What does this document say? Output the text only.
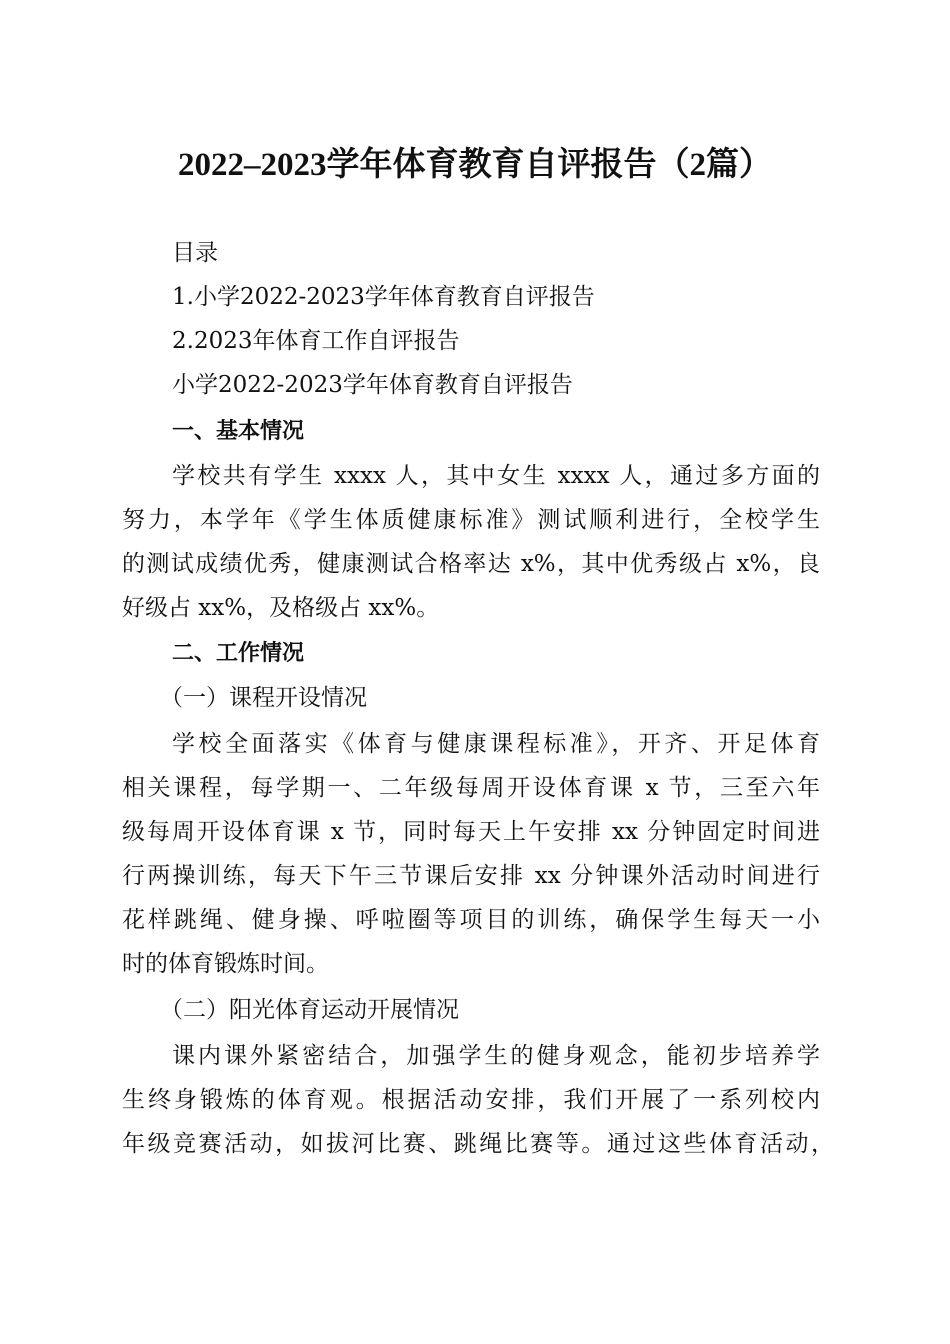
2022–2023学年体育教育自评报告（2篇）
目录
1.小学2022-2023学年体育教育自评报告
2.2023年体育工作自评报告
小学2022-2023学年体育教育自评报告
一、基本情况
学校共有学生 xxxx 人，其中女生 xxxx 人，通过多方面的
努力，本学年《学生体质健康标准》测试顺利进行，全校学生
的测试成绩优秀，健康测试合格率达 x%，其中优秀级占 x%，良
好级占 xx%，及格级占 xx%。
二、工作情况
（一）课程开设情况
学校全面落实《体育与健康课程标准》，开齐、开足体育
相关课程，每学期一、二年级每周开设体育课 x 节，三至六年
级每周开设体育课 x 节，同时每天上午安排 xx 分钟固定时间进
行两操训练，每天下午三节课后安排 xx 分钟课外活动时间进行
花样跳绳、健身操、呼啦圈等项目的训练，确保学生每天一小
时的体育锻炼时间。
（二）阳光体育运动开展情况
课内课外紧密结合，加强学生的健身观念，能初步培养学
生终身锻炼的体育观。根据活动安排，我们开展了一系列校内
年级竞赛活动，如拔河比赛、跳绳比赛等。通过这些体育活动，
